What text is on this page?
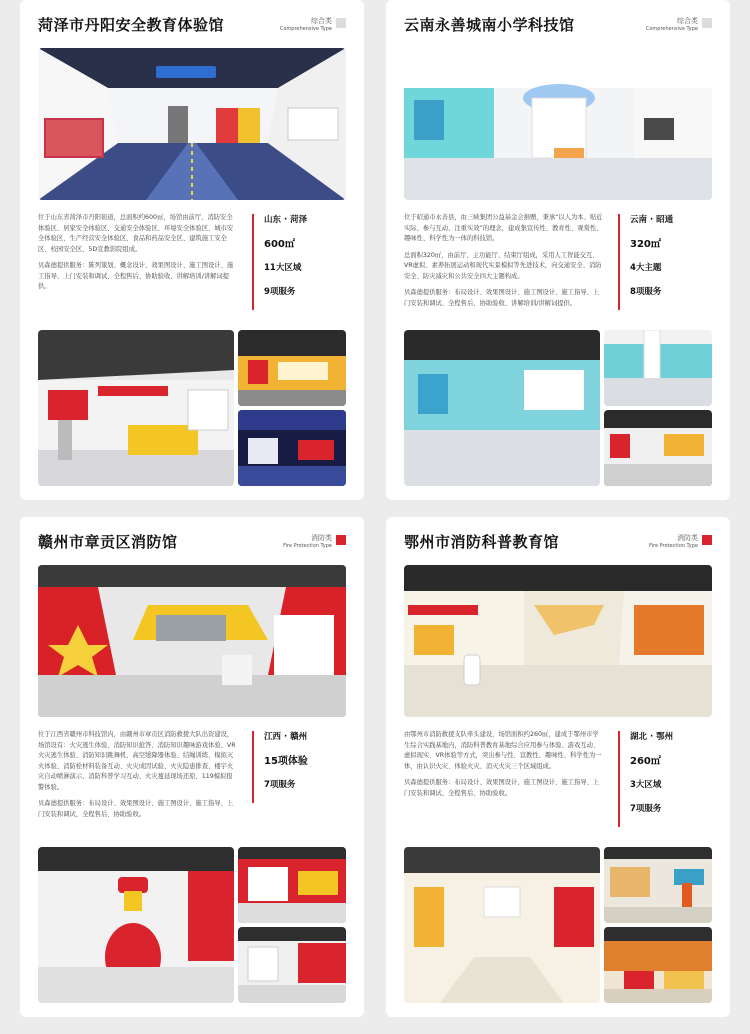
菏泽市丹阳安全教育体验馆	综合类
Comprehensive Type

位于山东省菏泽市丹阳街道，总面积约600㎡，场馆由前厅、消防安全体验区、居家安全体验区、交通安全体验区、环境安全体验区、城市安全体验区、生产经营安全体验区、食品和药品安全区、建筑施工安全区、校园安全区、5D宣教影院组成。

贝森德提供服务：陈列策划、概念设计、效果图设计、施工图设计、施工指导、上门安装和调试、全程售后、协助验收、讲解培训/讲解词提供。

山东 · 菏泽
600㎡
11大区域
9项服务
云南永善城南小学科技馆	综合类
Comprehensive Type

位于昭通市永善县，由三峡集团公益基金会捐赠，秉承“以人为本、贴近实际、参与互动、注重实效”的理念，建成集宣传性、教育性、观赏性、趣味性、科学性为一体的科技馆。

总面积320㎡，由前厅、主功能厅、结束厅组成，采用人工智能交互、VR虚拟、素养拓展运动和现代实景模拟等先进技术，向交通安全、消防安全、防灾减灾和公共安全四大主题构成。

贝森德提供服务：布局设计、效果图设计、施工图设计、施工指导、上门安装和调试、全程售后、协助验收、讲解培训/讲解词提供。

云南 · 昭通
320㎡
4大主题
8项服务
赣州市章贡区消防馆	消防类
Fire Protection Type

位于江西省赣州市科技馆内，由赣州市章贡区消防救援大队出资建设，场馆设有：火灾逃生体验、消防知识抢答、消防知识趣味游戏体验、VR火灾逃生体验、消防知识跳舞机、高空缓降器体验、结绳训练、模拟灭火体验、消防栓材料装备互动、火灾成因试验、火灾隐患排查、楼宇火灾自动喷淋演示、消防科普学习互动、火灾蔓延现场还原、119模拟报警体验。

贝森德提供服务：布局设计、效果图设计、施工图设计、施工指导、上门安装和调试、全程售后、协助验收。

江西 · 赣州
15项体验
7项服务
鄂州市消防科普教育馆	消防类
Fire Protection Type

由鄂州市消防救援支队牵头建设，场馆面积约260㎡，建成于鄂州市学生综合实践基地内，消防科普教育基地综合应用参与体验、游戏互动、虚拟现实、VR体验等方式，突出参与性、宣教性、趣味性、科学性为一体，由认识火灾、体验火灾、消灭火灾三个区域组成。

贝森德提供服务：布局设计、效果图设计、施工图设计、施工指导、上门安装和调试、全程售后、协助验收。

湖北 · 鄂州
260㎡
3大区域
7项服务
